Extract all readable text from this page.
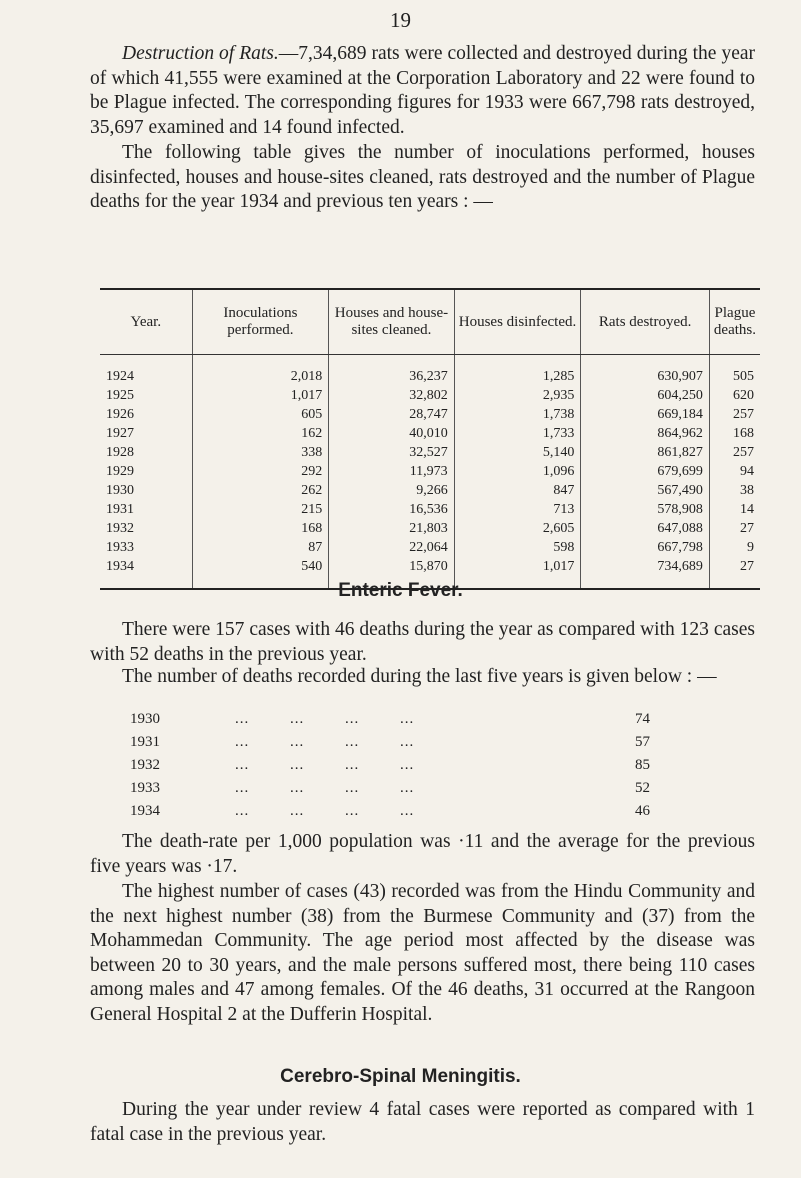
19

Destruction of Rats.—7,34,689 rats were collected and destroyed during the year of which 41,555 were examined at the Corporation Laboratory and 22 were found to be Plague infected. The corresponding figures for 1933 were 667,798 rats destroyed, 35,697 examined and 14 found infected.

The following table gives the number of inoculations performed, houses disinfected, houses and house-sites cleaned, rats destroyed and the number of Plague deaths for the year 1934 and previous ten years : —

Year.	Inoculations performed.	Houses and house-sites cleaned.	Houses disinfected.	Rats destroyed.	Plague deaths.
1924	2,018	36,237	1,285	630,907	505
1925	1,017	32,802	2,935	604,250	620
1926	605	28,747	1,738	669,184	257
1927	162	40,010	1,733	864,962	168
1928	338	32,527	5,140	861,827	257
1929	292	11,973	1,096	679,699	94
1930	262	9,266	847	567,490	38
1931	215	16,536	713	578,908	14
1932	168	21,803	2,605	647,088	27
1933	87	22,064	598	667,798	9
1934	540	15,870	1,017	734,689	27
Enteric Fever.

There were 157 cases with 46 deaths during the year as compared with 123 cases with 52 deaths in the previous year.

The number of deaths recorded during the last five years is given below : —

1930	... ... ... ...	74
1931	... ... ... ...	57
1932	... ... ... ...	85
1933	... ... ... ...	52
1934	... ... ... ...	46

The death-rate per 1,000 population was ·11 and the average for the previous five years was ·17.

The highest number of cases (43) recorded was from the Hindu Community and the next highest number (38) from the Burmese Community and (37) from the Mohammedan Community. The age period most affected by the disease was between 20 to 30 years, and the male persons suffered most, there being 110 cases among males and 47 among females. Of the 46 deaths, 31 occurred at the Rangoon General Hospital 2 at the Dufferin Hospital.

Cerebro-Spinal Meningitis.

During the year under review 4 fatal cases were reported as compared with 1 fatal case in the previous year.
